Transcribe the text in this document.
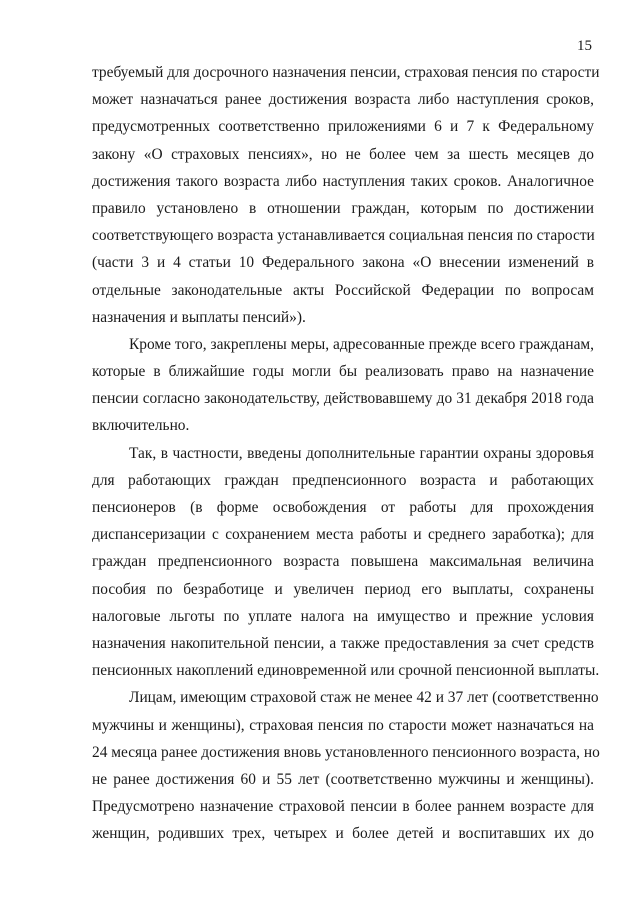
15
требуемый для досрочного назначения пенсии, страховая пенсия по старости
может назначаться ранее достижения возраста либо наступления сроков,
предусмотренных соответственно приложениями 6 и 7 к Федеральному
закону «О страховых пенсиях», но не более чем за шесть месяцев до
достижения такого возраста либо наступления таких сроков. Аналогичное
правило установлено в отношении граждан, которым по достижении
соответствующего возраста устанавливается социальная пенсия по старости
(части 3 и 4 статьи 10 Федерального закона «О внесении изменений в
отдельные законодательные акты Российской Федерации по вопросам
назначения и выплаты пенсий»).
Кроме того, закреплены меры, адресованные прежде всего гражданам,
которые в ближайшие годы могли бы реализовать право на назначение
пенсии согласно законодательству, действовавшему до 31 декабря 2018 года
включительно.
Так, в частности, введены дополнительные гарантии охраны здоровья
для работающих граждан предпенсионного возраста и работающих
пенсионеров (в форме освобождения от работы для прохождения
диспансеризации с сохранением места работы и среднего заработка); для
граждан предпенсионного возраста повышена максимальная величина
пособия по безработице и увеличен период его выплаты, сохранены
налоговые льготы по уплате налога на имущество и прежние условия
назначения накопительной пенсии, а также предоставления за счет средств
пенсионных накоплений единовременной или срочной пенсионной выплаты.
Лицам, имеющим страховой стаж не менее 42 и 37 лет (соответственно
мужчины и женщины), страховая пенсия по старости может назначаться на
24 месяца ранее достижения вновь установленного пенсионного возраста, но
не ранее достижения 60 и 55 лет (соответственно мужчины и женщины).
Предусмотрено назначение страховой пенсии в более раннем возрасте для
женщин, родивших трех, четырех и более детей и воспитавших их до
